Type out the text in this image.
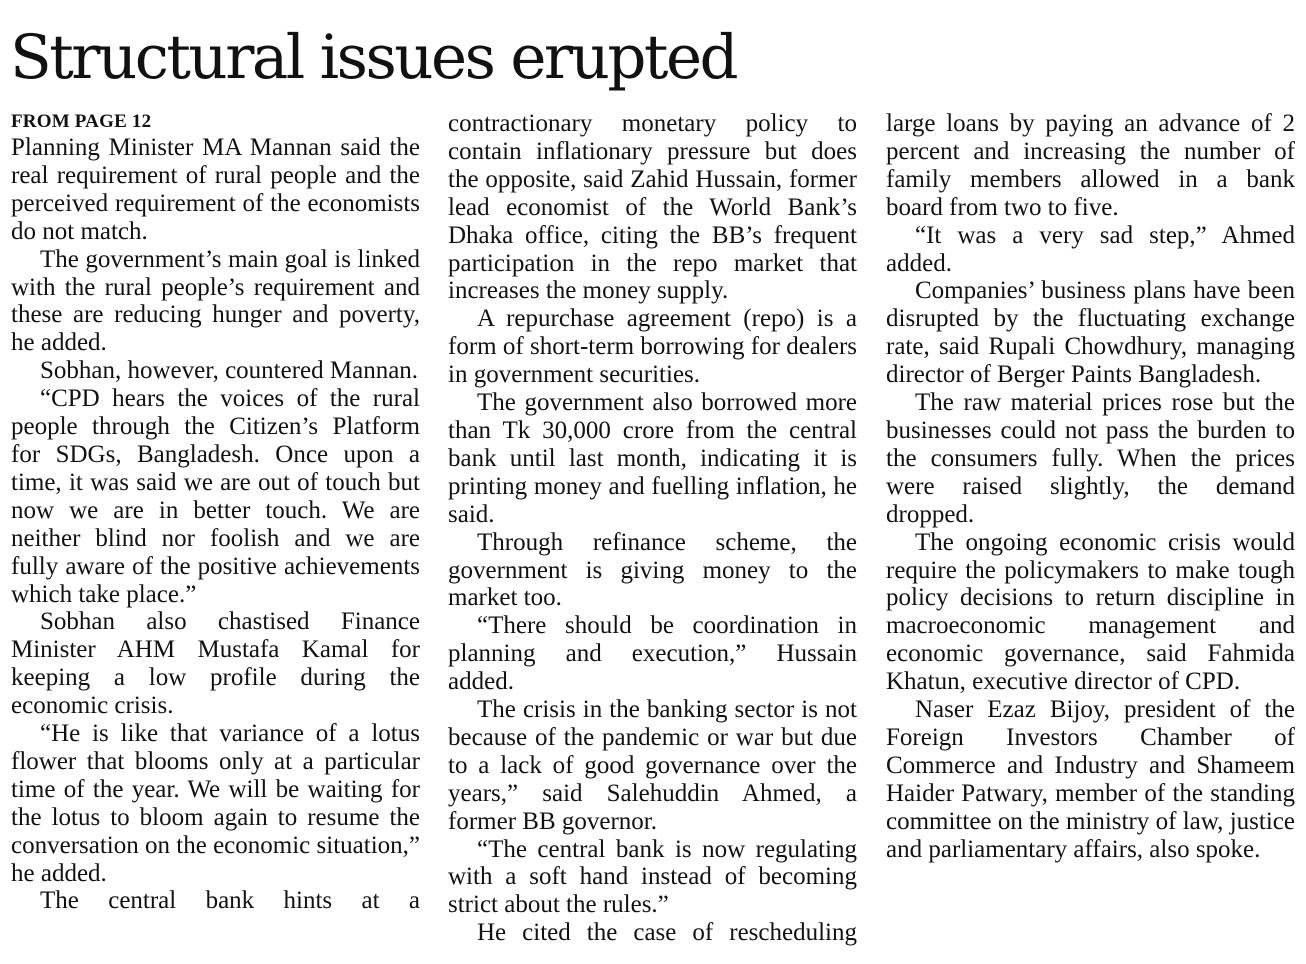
Structural issues erupted
FROM PAGE 12

Planning Minister MA Mannan said the real requirement of rural people and the perceived requirement of the economists do not match.

The government’s main goal is linked with the rural people’s requirement and these are reducing hunger and poverty, he added.

Sobhan, however, countered Mannan.

“CPD hears the voices of the rural people through the Citizen’s Platform for SDGs, Bangladesh. Once upon a time, it was said we are out of touch but now we are in better touch. We are neither blind nor foolish and we are fully aware of the positive achievements which take place.”

Sobhan also chastised Finance Minister AHM Mustafa Kamal for keeping a low profile during the economic crisis.

“He is like that variance of a lotus flower that blooms only at a particular time of the year. We will be waiting for the lotus to bloom again to resume the conversation on the economic situation,” he added.

The central bank hints at a

contractionary monetary policy to contain inflationary pressure but does the opposite, said Zahid Hussain, former lead economist of the World Bank’s Dhaka office, citing the BB’s frequent participation in the repo market that increases the money supply.

A repurchase agreement (repo) is a form of short-term borrowing for dealers in government securities.

The government also borrowed more than Tk 30,000 crore from the central bank until last month, indicating it is printing money and fuelling inflation, he said.

Through refinance scheme, the government is giving money to the market too.

“There should be coordination in planning and execution,” Hussain added.

The crisis in the banking sector is not because of the pandemic or war but due to a lack of good governance over the years,” said Salehuddin Ahmed, a former BB governor.

“The central bank is now regulating with a soft hand instead of becoming strict about the rules.”

He cited the case of rescheduling

large loans by paying an advance of 2 percent and increasing the number of family members allowed in a bank board from two to five.

“It was a very sad step,” Ahmed added.

Companies’ business plans have been disrupted by the fluctuating exchange rate, said Rupali Chowdhury, managing director of Berger Paints Bangladesh.

The raw material prices rose but the businesses could not pass the burden to the consumers fully. When the prices were raised slightly, the demand dropped.

The ongoing economic crisis would require the policymakers to make tough policy decisions to return discipline in macroeconomic management and economic governance, said Fahmida Khatun, executive director of CPD.

Naser Ezaz Bijoy, president of the Foreign Investors Chamber of Commerce and Industry and Shameem Haider Patwary, member of the standing committee on the ministry of law, justice and parliamentary affairs, also spoke.
